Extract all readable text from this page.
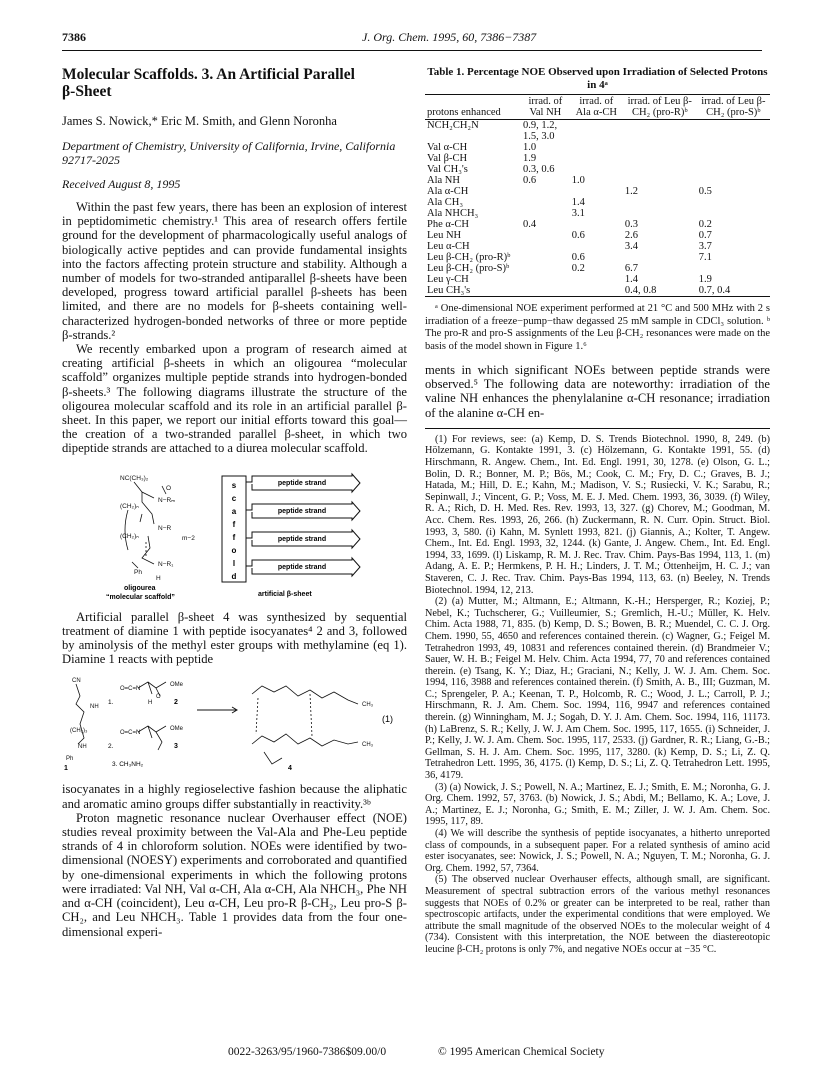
7386	J. Org. Chem. 1995, 60, 7386−7387
Molecular Scaffolds. 3. An Artificial Parallel β-Sheet
James S. Nowick,* Eric M. Smith, and Glenn Noronha
Department of Chemistry, University of California, Irvine, California 92717-2025
Received August 8, 1995

Within the past few years, there has been an explosion of interest in peptidomimetic chemistry.¹ This area of research offers fertile ground for the development of pharmacologically useful analogs of biologically active peptides and can provide fundamental insights into the factors affecting protein structure and stability. Although a number of models for two-stranded antiparallel β-sheets have been developed, progress toward artificial parallel β-sheets has been limited, and there are no models for β-sheets containing well-characterized hydrogen-bonded networks of three or more peptide β-strands.²

We recently embarked upon a program of research aimed at creating artificial β-sheets in which an oligourea “molecular scaffold” organizes multiple peptide strands into hydrogen-bonded β-sheets.³ The following diagrams illustrate the structure of the oligourea molecular scaffold and its role in an artificial parallel β-sheet. In this paper, we report our initial efforts toward this goal—the creation of a two-stranded parallel β-sheet, in which two dipeptide strands are attached to a diurea molecular scaffold.

NC(CH₃)₂
(CH₂)ₙ
N−Rₘ
N−R
(CH₂)ₙ	m−2
Ph
N−R₁
H
O
oligourea
“molecular scaffold”
s
c
a
f
f
o
l
d
peptide strand
peptide strand
peptide strand
peptide strand
artificial β-sheet

Artificial parallel β-sheet 4 was synthesized by sequential treatment of diamine 1 with peptide isocyanates⁴ 2 and 3, followed by aminolysis of the methyl ester groups with methylamine (eq 1). Diamine 1 reacts with peptide

CN
NH
(CH₂)₃
NH
Ph
O=C=N
OMe
O=C=N
OMe
CH₃
CH₃
H
O
1.
2.
3. CH₃NH₂
1
2
3
4
(1)

isocyanates in a highly regioselective fashion because the aliphatic and aromatic amino groups differ substantially in reactivity.³ᵇ

Proton magnetic resonance nuclear Overhauser effect (NOE) studies reveal proximity between the Val-Ala and Phe-Leu peptide strands of 4 in chloroform solution. NOEs were identified by two-dimensional (NOESY) experiments and corroborated and quantified by one-dimensional experiments in which the following protons were irradiated: Val NH, Val α-CH, Ala α-CH, Ala NHCH₃, Phe NH and α-CH (coincident), Leu α-CH, Leu pro-R β-CH₂, Leu pro-S β-CH₂, and Leu NHCH₃. Table 1 provides data from the four one-dimensional experi-

Table 1. Percentage NOE Observed upon Irradiation of Selected Protons in 4ᵃ
protons enhanced	irrad. of Val NH	irrad. of Ala α-CH	irrad. of Leu β-CH₂ (pro-R)ᵇ	irrad. of Leu β-CH₂ (pro-S)ᵇ
NCH₂CH₂N	0.9, 1.2, 1.5, 3.0			
Val α-CH	1.0			
Val β-CH	1.9			
Val CH₃'s	0.3, 0.6			
Ala NH	0.6	1.0		
Ala α-CH			1.2	0.5
Ala CH₃		1.4		
Ala NHCH₃		3.1		
Phe α-CH	0.4		0.3	0.2
Leu NH		0.6	2.6	0.7
Leu α-CH			3.4	3.7
Leu β-CH₂ (pro-R)ᵇ		0.6		7.1
Leu β-CH₂ (pro-S)ᵇ		0.2	6.7	
Leu γ-CH			1.4	1.9
Leu CH₃'s			0.4, 0.8	0.7, 0.4
ᵃ One-dimensional NOE experiment performed at 21 °C and 500 MHz with 2 s irradiation of a freeze−pump−thaw degassed 25 mM sample in CDCl₃ solution. ᵇ The pro-R and pro-S assignments of the Leu β-CH₂ resonances were made on the basis of the model shown in Figure 1.⁶

ments in which significant NOEs between peptide strands were observed.⁵ The following data are noteworthy: irradiation of the valine NH enhances the phenylalanine α-CH resonance; irradiation of the alanine α-CH en-

(1) For reviews, see: (a) Kemp, D. S. Trends Biotechnol. 1990, 8, 249. (b) Hölzemann, G. Kontakte 1991, 3. (c) Hölzemann, G. Kontakte 1991, 55. (d) Hirschmann, R. Angew. Chem., Int. Ed. Engl. 1991, 30, 1278. (e) Olson, G. L.; Bolin, D. R.; Bonner, M. P.; Bös, M.; Cook, C. M.; Fry, D. C.; Graves, B. J.; Hatada, M.; Hill, D. E.; Kahn, M.; Madison, V. S.; Rusiecki, V. K.; Sarabu, R.; Sepinwall, J.; Vincent, G. P.; Voss, M. E. J. Med. Chem. 1993, 36, 3039. (f) Wiley, R. A.; Rich, D. H. Med. Res. Rev. 1993, 13, 327. (g) Chorev, M.; Goodman, M. Acc. Chem. Res. 1993, 26, 266. (h) Zuckermann, R. N. Curr. Opin. Struct. Biol. 1993, 3, 580. (i) Kahn, M. Synlett 1993, 821. (j) Giannis, A.; Kolter, T. Angew. Chem., Int. Ed. Engl. 1993, 32, 1244. (k) Gante, J. Angew. Chem., Int. Ed. Engl. 1994, 33, 1699. (l) Liskamp, R. M. J. Rec. Trav. Chim. Pays-Bas 1994, 113, 1. (m) Adang, A. E. P.; Hermkens, P. H. H.; Linders, J. T. M.; Ottenheijm, H. C. J.; van Staveren, C. J. Rec. Trav. Chim. Pays-Bas 1994, 113, 63. (n) Beeley, N. Trends Biotechnol. 1994, 12, 213.

(2) (a) Mutter, M.; Altmann, E.; Altmann, K.-H.; Hersperger, R.; Koziej, P.; Nebel, K.; Tuchscherer, G.; Vuilleumier, S.; Gremlich, H.-U.; Müller, K. Helv. Chim. Acta 1988, 71, 835. (b) Kemp, D. S.; Bowen, B. R.; Muendel, C. C. J. Org. Chem. 1990, 55, 4650 and references contained therein. (c) Wagner, G.; Feigel M. Tetrahedron 1993, 49, 10831 and references contained therein. (d) Brandmeier V.; Sauer, W. H. B.; Feigel M. Helv. Chim. Acta 1994, 77, 70 and references contained therein. (e) Tsang, K. Y.; Diaz, H.; Graciani, N.; Kelly, J. W. J. Am. Chem. Soc. 1994, 116, 3988 and references contained therein. (f) Smith, A. B., III; Guzman, M. C.; Sprengeler, P. A.; Keenan, T. P., Holcomb, R. C.; Wood, J. L.; Carroll, P. J.; Hirschmann, R. J. Am. Chem. Soc. 1994, 116, 9947 and references contained therein. (g) Winningham, M. J.; Sogah, D. Y. J. Am. Chem. Soc. 1994, 116, 11173. (h) LaBrenz, S. R.; Kelly, J. W. J. Am Chem. Soc. 1995, 117, 1655. (i) Schneider, J. P.; Kelly, J. W. J. Am. Chem. Soc. 1995, 117, 2533. (j) Gardner, R. R.; Liang, G.-B.; Gellman, S. H. J. Am. Chem. Soc. 1995, 117, 3280. (k) Kemp, D. S.; Li, Z. Q. Tetrahedron Lett. 1995, 36, 4175. (l) Kemp, D. S.; Li, Z. Q. Tetrahedron Lett. 1995, 36, 4179.

(3) (a) Nowick, J. S.; Powell, N. A.; Martinez, E. J.; Smith, E. M.; Noronha, G. J. Org. Chem. 1992, 57, 3763. (b) Nowick, J. S.; Abdi, M.; Bellamo, K. A.; Love, J. A.; Martinez, E. J.; Noronha, G.; Smith, E. M.; Ziller, J. W. J. Am. Chem. Soc. 1995, 117, 89.

(4) We will describe the synthesis of peptide isocyanates, a hitherto unreported class of compounds, in a subsequent paper. For a related synthesis of amino acid ester isocyanates, see: Nowick, J. S.; Powell, N. A.; Nguyen, T. M.; Noronha, G. J. Org. Chem. 1992, 57, 7364.

(5) The observed nuclear Overhauser effects, although small, are significant. Measurement of spectral subtraction errors of the various methyl resonances suggests that NOEs of 0.2% or greater can be interpreted to be real, rather than spectroscopic artifacts, under the experimental conditions that were employed. We attribute the small magnitude of the observed NOEs to the molecular weight of 4 (734). Consistent with this interpretation, the NOE between the diastereotopic leucine β-CH₂ protons is only 7%, and negative NOEs occur at −35 °C.

0022-3263/95/1960-7386$09.00/0	© 1995 American Chemical Society
